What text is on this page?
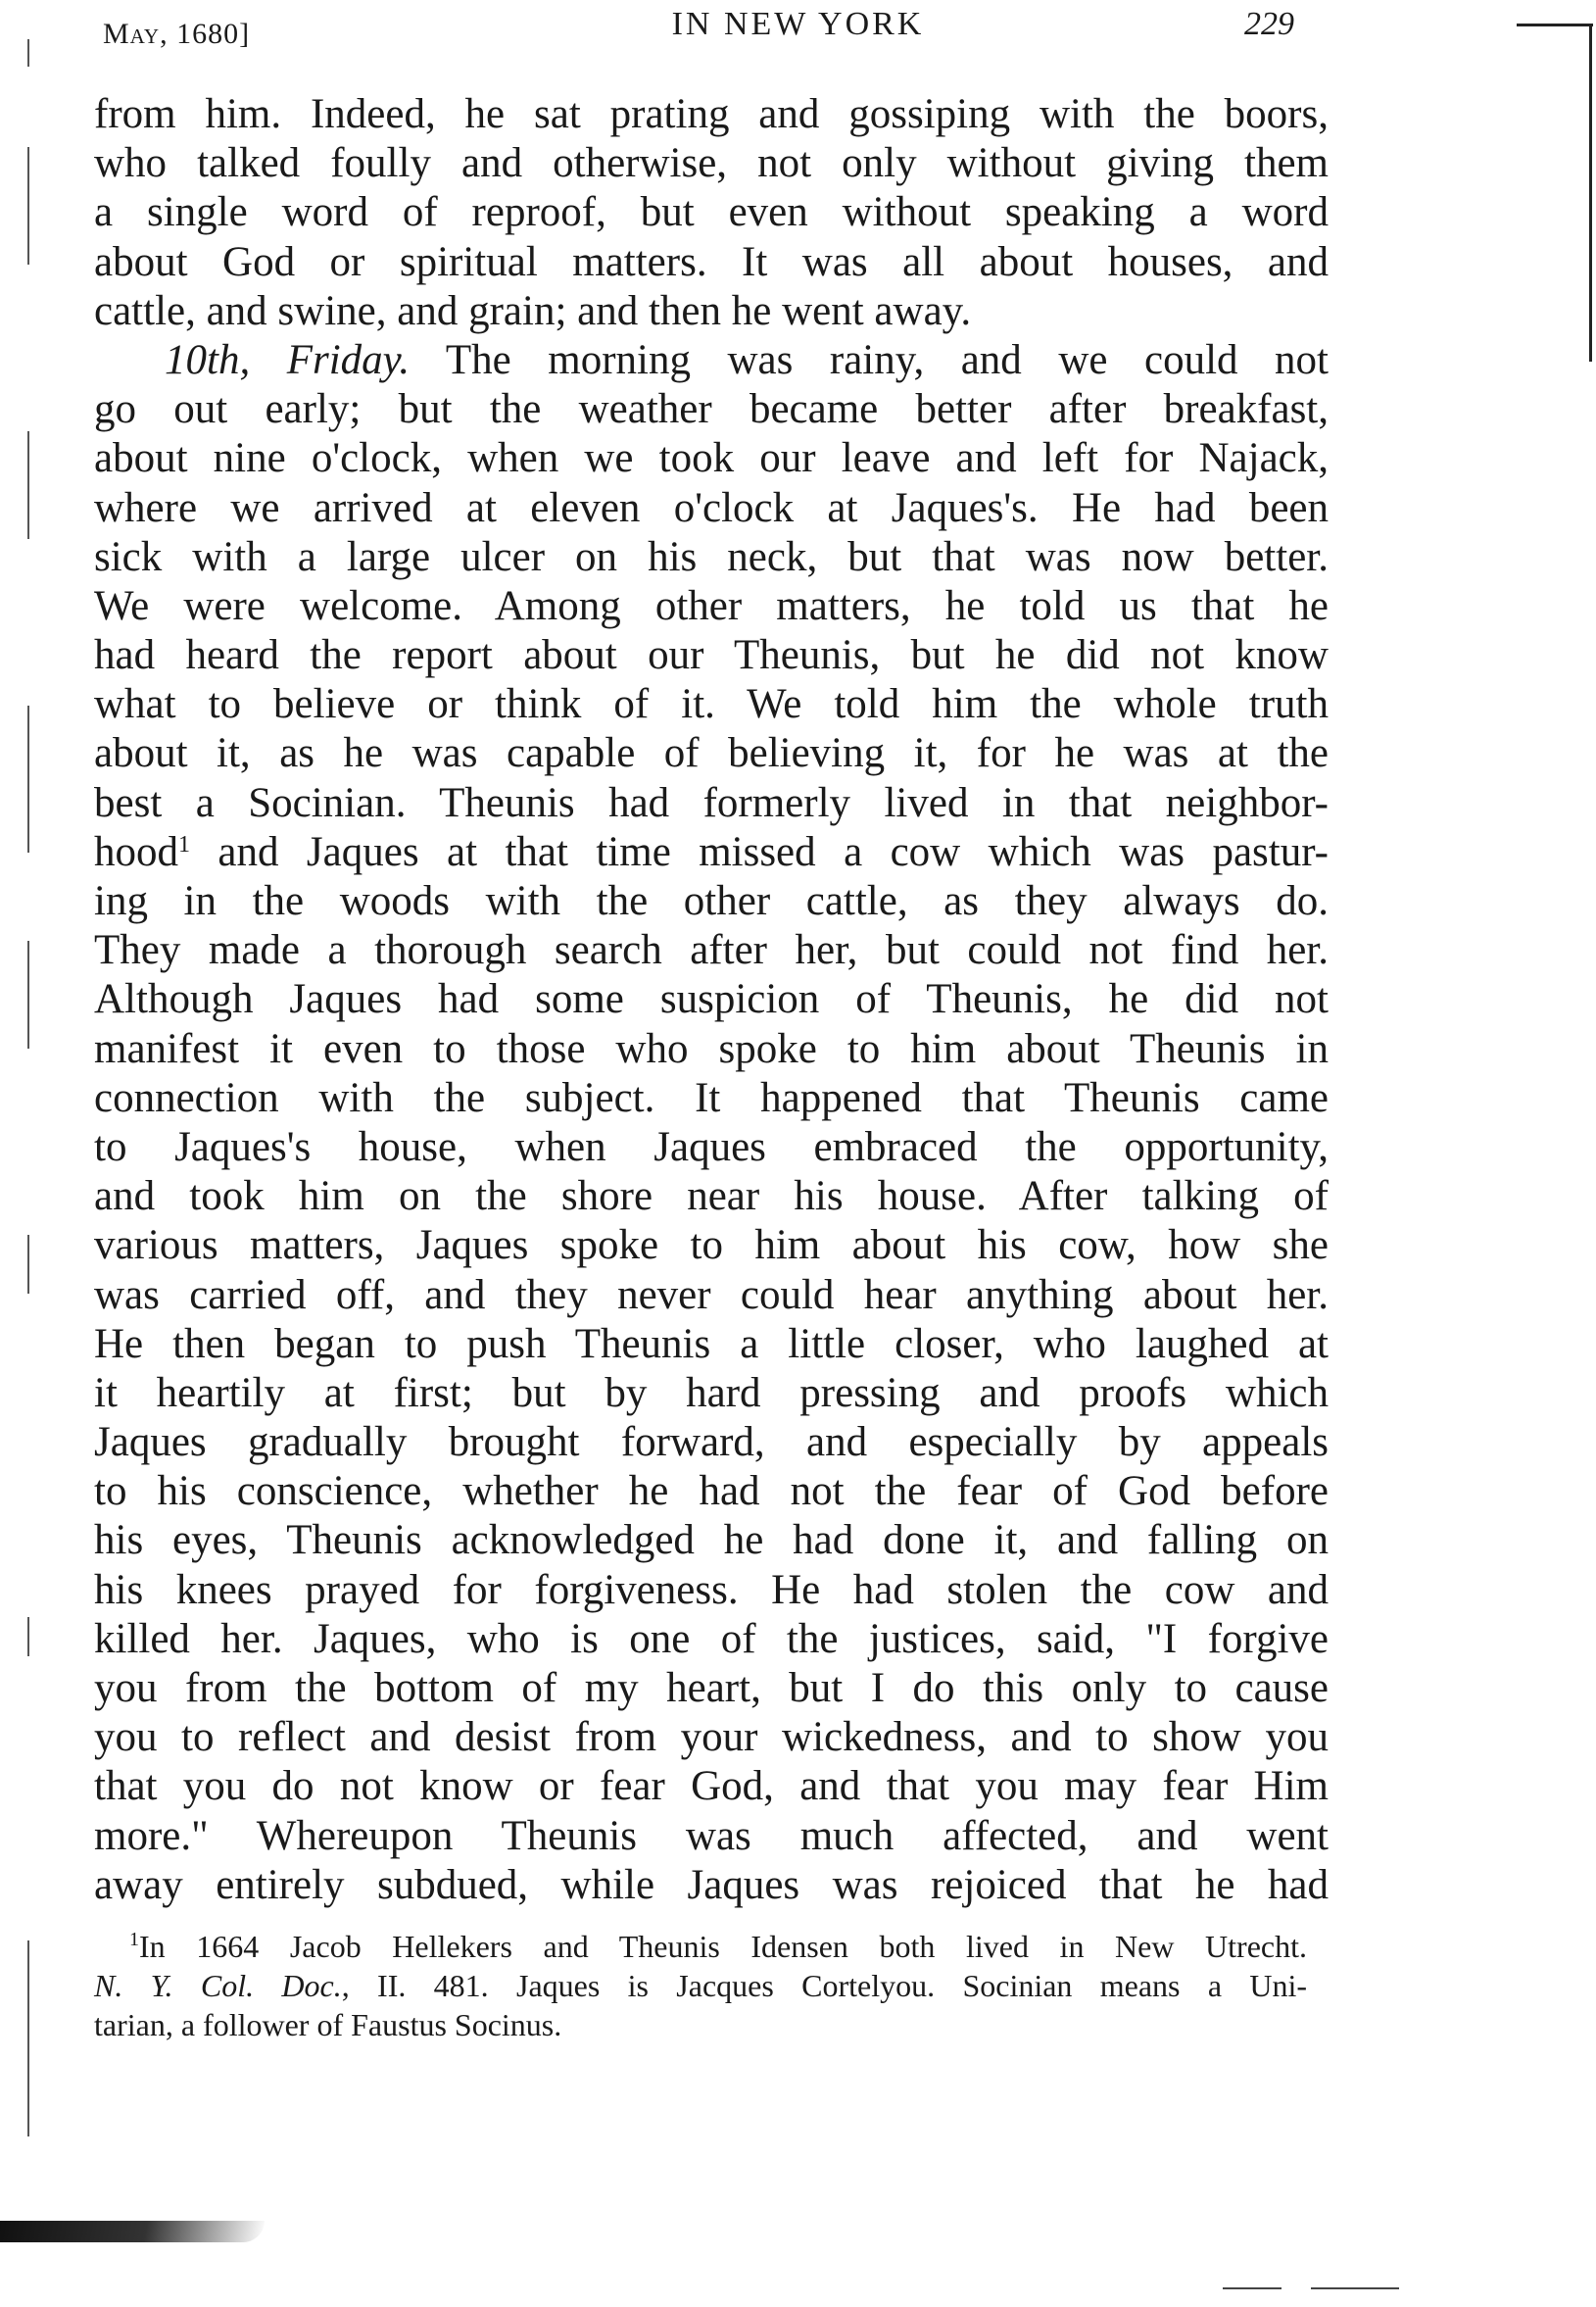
May, 1680]	IN NEW YORK	229
from him. Indeed, he sat prating and gossiping with the boors,
who talked foully and otherwise, not only without giving them
a single word of reproof, but even without speaking a word
about God or spiritual matters. It was all about houses, and
cattle, and swine, and grain; and then he went away.
10th, Friday. The morning was rainy, and we could not
go out early; but the weather became better after breakfast,
about nine o'clock, when we took our leave and left for Najack,
where we arrived at eleven o'clock at Jaques's. He had been
sick with a large ulcer on his neck, but that was now better.
We were welcome. Among other matters, he told us that he
had heard the report about our Theunis, but he did not know
what to believe or think of it. We told him the whole truth
about it, as he was capable of believing it, for he was at the
best a Socinian. Theunis had formerly lived in that neighbor-
hood$^1$ and Jaques at that time missed a cow which was pastur-
ing in the woods with the other cattle, as they always do.
They made a thorough search after her, but could not find her.
Although Jaques had some suspicion of Theunis, he did not
manifest it even to those who spoke to him about Theunis in
connection with the subject. It happened that Theunis came
to Jaques's house, when Jaques embraced the opportunity,
and took him on the shore near his house. After talking of
various matters, Jaques spoke to him about his cow, how she
was carried off, and they never could hear anything about her.
He then began to push Theunis a little closer, who laughed at
it heartily at first; but by hard pressing and proofs which
Jaques gradually brought forward, and especially by appeals
to his conscience, whether he had not the fear of God before
his eyes, Theunis acknowledged he had done it, and falling on
his knees prayed for forgiveness. He had stolen the cow and
killed her. Jaques, who is one of the justices, said, "I forgive
you from the bottom of my heart, but I do this only to cause
you to reflect and desist from your wickedness, and to show you
that you do not know or fear God, and that you may fear Him
more." Whereupon Theunis was much affected, and went
away entirely subdued, while Jaques was rejoiced that he had
$^1$In 1664 Jacob Hellekers and Theunis Idensen both lived in New Utrecht.
N. Y. Col. Doc., II. 481. Jaques is Jacques Cortelyou. Socinian means a Uni-
tarian, a follower of Faustus Socinus.
